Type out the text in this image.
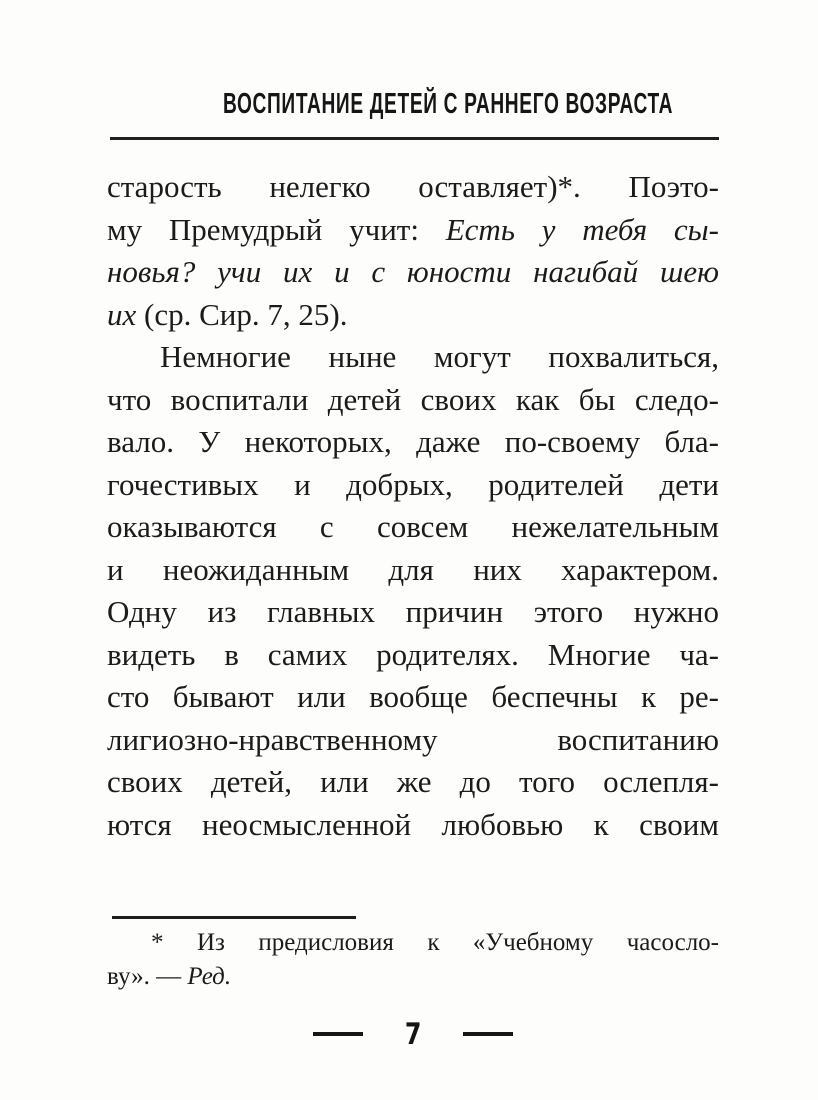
ВОСПИТАНИЕ ДЕТЕЙ С РАННЕГО ВОЗРАСТА
старость нелегко оставляет)*. Поэто-
му Премудрый учит: Есть у тебя сы-
новья? учи их и с юности нагибай шею
их (ср. Сир. 7, 25).
Немногие ныне могут похвалиться,
что воспитали детей своих как бы следо-
вало. У некоторых, даже по-своему бла-
гочестивых и добрых, родителей дети
оказываются с совсем нежелательным
и неожиданным для них характером.
Одну из главных причин этого нужно
видеть в самих родителях. Многие ча-
сто бывают или вообще беспечны к ре-
лигиозно-нравственному воспитанию
своих детей, или же до того ослепля-
ются неосмысленной любовью к своим
* Из предисловия к «Учебному часосло-
ву». — Ред.
7
